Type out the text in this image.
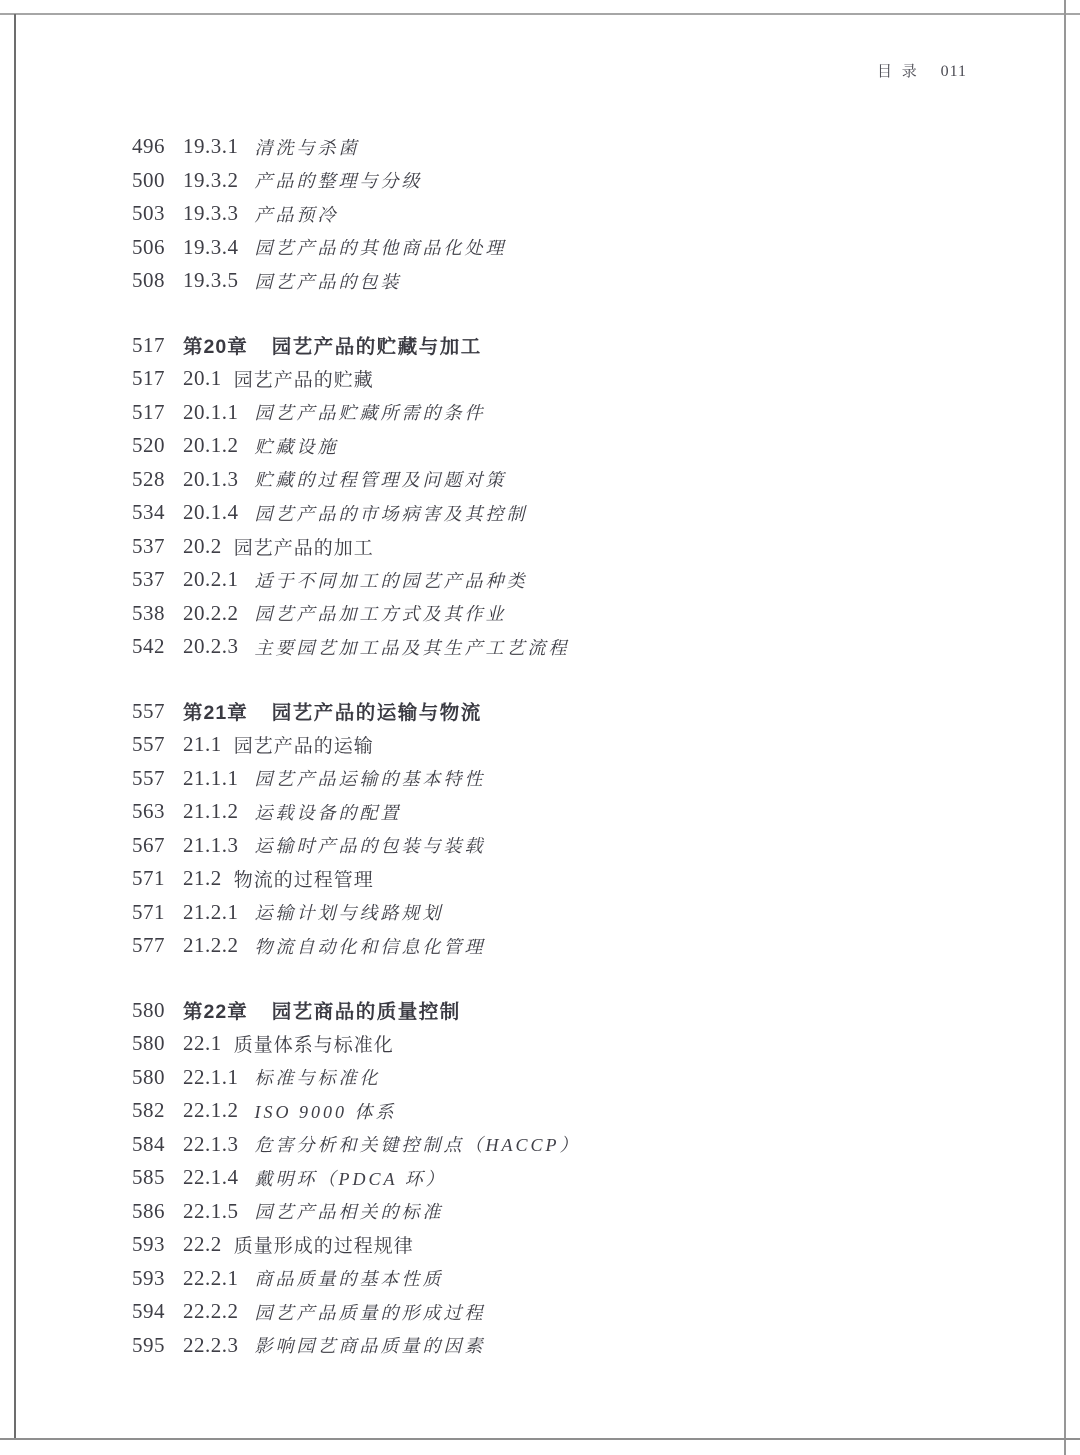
目 录 011
496 19.3.1 清洗与杀菌
500 19.3.2 产品的整理与分级
503 19.3.3 产品预冷
506 19.3.4 园艺产品的其他商品化处理
508 19.3.5 园艺产品的包装
517 第20章 园艺产品的贮藏与加工
517 20.1 园艺产品的贮藏
517 20.1.1 园艺产品贮藏所需的条件
520 20.1.2 贮藏设施
528 20.1.3 贮藏的过程管理及问题对策
534 20.1.4 园艺产品的市场病害及其控制
537 20.2 园艺产品的加工
537 20.2.1 适于不同加工的园艺产品种类
538 20.2.2 园艺产品加工方式及其作业
542 20.2.3 主要园艺加工品及其生产工艺流程
557 第21章 园艺产品的运输与物流
557 21.1 园艺产品的运输
557 21.1.1 园艺产品运输的基本特性
563 21.1.2 运载设备的配置
567 21.1.3 运输时产品的包装与装载
571 21.2 物流的过程管理
571 21.2.1 运输计划与线路规划
577 21.2.2 物流自动化和信息化管理
580 第22章 园艺商品的质量控制
580 22.1 质量体系与标准化
580 22.1.1 标准与标准化
582 22.1.2 ISO 9000 体系
584 22.1.3 危害分析和关键控制点（HACCP）
585 22.1.4 戴明环（PDCA 环）
586 22.1.5 园艺产品相关的标准
593 22.2 质量形成的过程规律
593 22.2.1 商品质量的基本性质
594 22.2.2 园艺产品质量的形成过程
595 22.2.3 影响园艺商品质量的因素
